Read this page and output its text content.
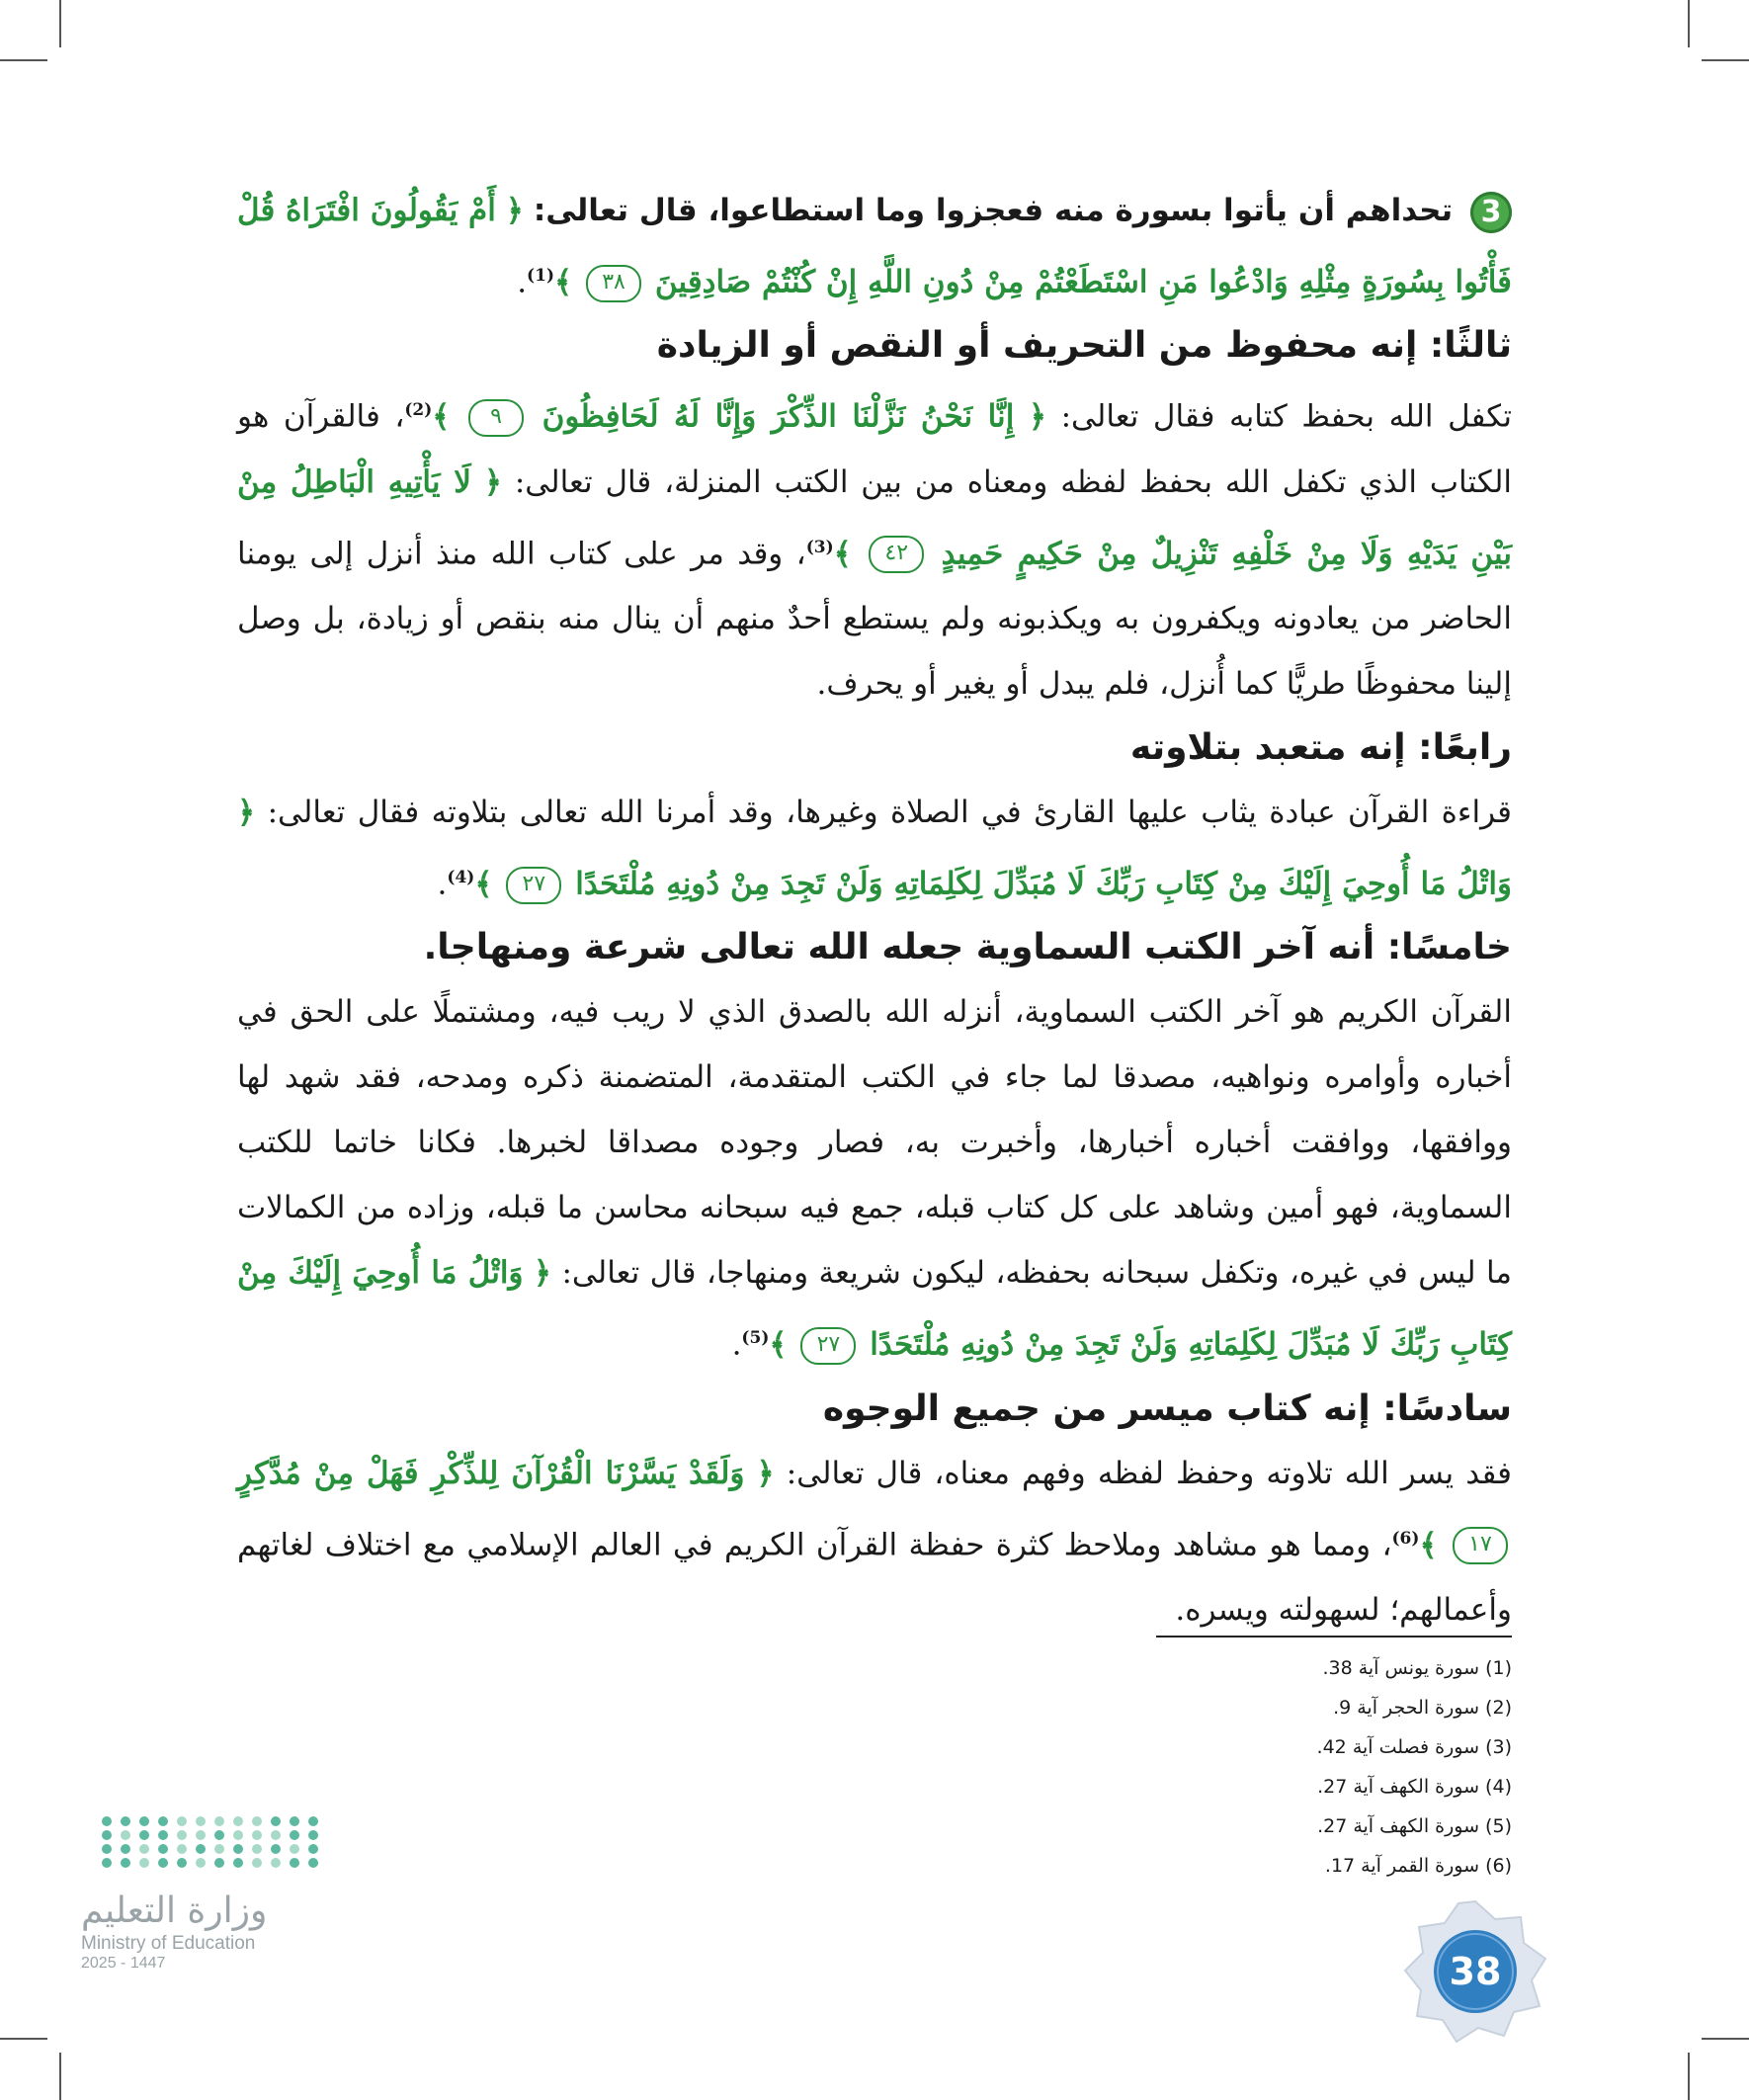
3 تحداهم أن يأتوا بسورة منه فعجزوا وما استطاعوا، قال تعالى: ﴿ أَمْ يَقُولُونَ افْتَرَاهُ قُلْ فَأْتُوا بِسُورَةٍ مِثْلِهِ وَادْعُوا مَنِ اسْتَطَعْتُمْ مِنْ دُونِ اللَّهِ إِنْ كُنْتُمْ صَادِقِينَ ٣٨ ﴾$^{(1)}$.

ثالثًا: إنه محفوظ من التحريف أو النقص أو الزيادة

تكفل الله بحفظ كتابه فقال تعالى: ﴿ إِنَّا نَحْنُ نَزَّلْنَا الذِّكْرَ وَإِنَّا لَهُ لَحَافِظُونَ ٩ ﴾$^{(2)}$، فالقرآن هو الكتاب الذي تكفل الله بحفظ لفظه ومعناه من بين الكتب المنزلة، قال تعالى: ﴿ لَا يَأْتِيهِ الْبَاطِلُ مِنْ بَيْنِ يَدَيْهِ وَلَا مِنْ خَلْفِهِ تَنْزِيلٌ مِنْ حَكِيمٍ حَمِيدٍ ٤٢ ﴾$^{(3)}$، وقد مر على كتاب الله منذ أنزل إلى يومنا الحاضر من يعادونه ويكفرون به ويكذبونه ولم يستطع أحدٌ منهم أن ينال منه بنقص أو زيادة، بل وصل إلينا محفوظًا طريًّا كما أُنزل، فلم يبدل أو يغير أو يحرف.

رابعًا: إنه متعبد بتلاوته

قراءة القرآن عبادة يثاب عليها القارئ في الصلاة وغيرها، وقد أمرنا الله تعالى بتلاوته فقال تعالى: ﴿ وَاتْلُ مَا أُوحِيَ إِلَيْكَ مِنْ كِتَابِ رَبِّكَ لَا مُبَدِّلَ لِكَلِمَاتِهِ وَلَنْ تَجِدَ مِنْ دُونِهِ مُلْتَحَدًا ٢٧ ﴾$^{(4)}$.

خامسًا: أنه آخر الكتب السماوية جعله الله تعالى شرعة ومنهاجا.

القرآن الكريم هو آخر الكتب السماوية، أنزله الله بالصدق الذي لا ريب فيه، ومشتملًا على الحق في أخباره وأوامره ونواهيه، مصدقا لما جاء في الكتب المتقدمة، المتضمنة ذكره ومدحه، فقد شهد لها ووافقها، ووافقت أخباره أخبارها، وأخبرت به، فصار وجوده مصداقا لخبرها. فكانا خاتما للكتب السماوية، فهو أمين وشاهد على كل كتاب قبله، جمع فيه سبحانه محاسن ما قبله، وزاده من الكمالات ما ليس في غيره، وتكفل سبحانه بحفظه، ليكون شريعة ومنهاجا، قال تعالى: ﴿ وَاتْلُ مَا أُوحِيَ إِلَيْكَ مِنْ كِتَابِ رَبِّكَ لَا مُبَدِّلَ لِكَلِمَاتِهِ وَلَنْ تَجِدَ مِنْ دُونِهِ مُلْتَحَدًا ٢٧ ﴾$^{(5)}$.

سادسًا: إنه كتاب ميسر من جميع الوجوه

فقد يسر الله تلاوته وحفظ لفظه وفهم معناه، قال تعالى: ﴿ وَلَقَدْ يَسَّرْنَا الْقُرْآنَ لِلذِّكْرِ فَهَلْ مِنْ مُدَّكِرٍ ١٧ ﴾$^{(6)}$، ومما هو مشاهد وملاحظ كثرة حفظة القرآن الكريم في العالم الإسلامي مع اختلاف لغاتهم وأعمالهم؛ لسهولته ويسره.

(1) سورة يونس آية 38.
(2) سورة الحجر آية 9.
(3) سورة فصلت آية 42.
(4) سورة الكهف آية 27.
(5) سورة الكهف آية 27.
(6) سورة القمر آية 17.
وزارة التعليم
Ministry of Education
2025 - 1447	38
